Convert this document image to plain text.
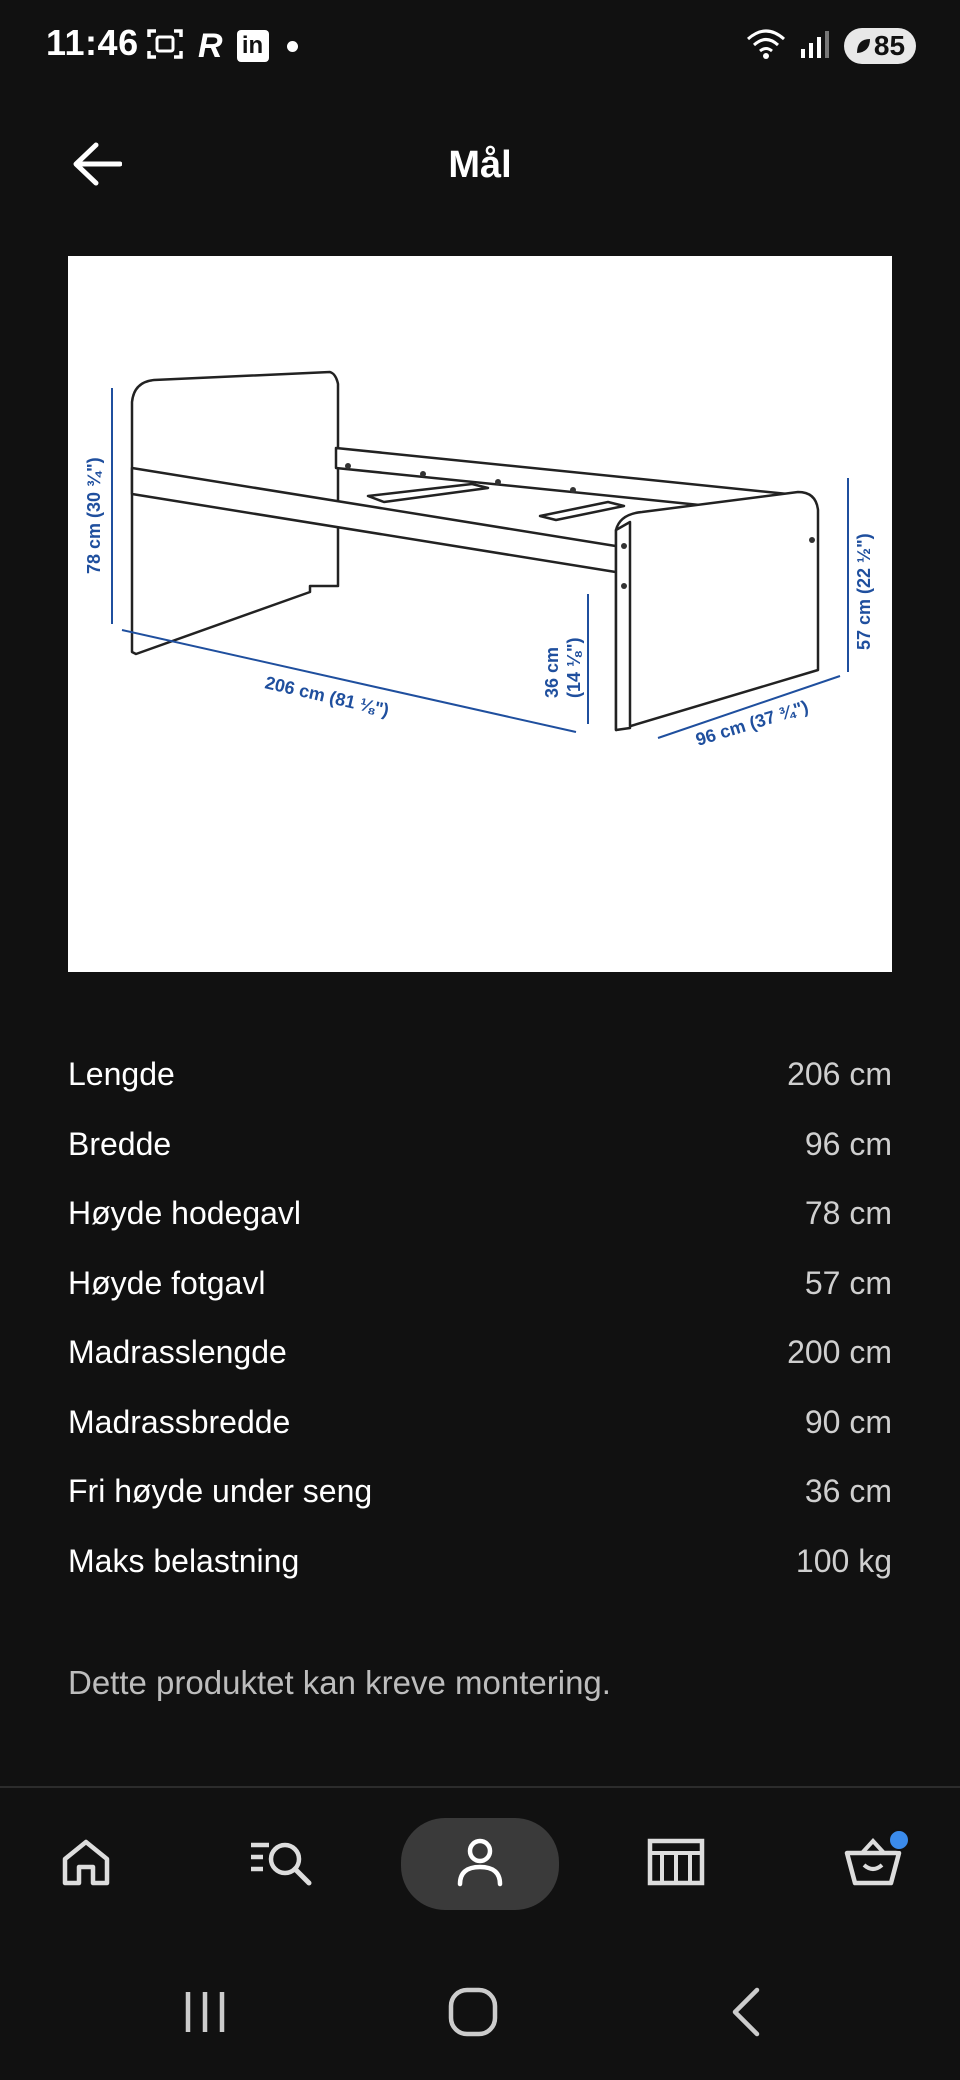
11:46 R in	85
Mål
78 cm (30 ¾")
206 cm (81 ⅛")	36 cm (14 ⅛")
57 cm (22 ½")
96 cm (37 ¾")
Lengde	206 cm
Bredde	96 cm
Høyde hodegavl	78 cm
Høyde fotgavl	57 cm
Madrasslengde	200 cm
Madrassbredde	90 cm
Fri høyde under seng	36 cm
Maks belastning	100 kg
Dette produktet kan kreve montering.
